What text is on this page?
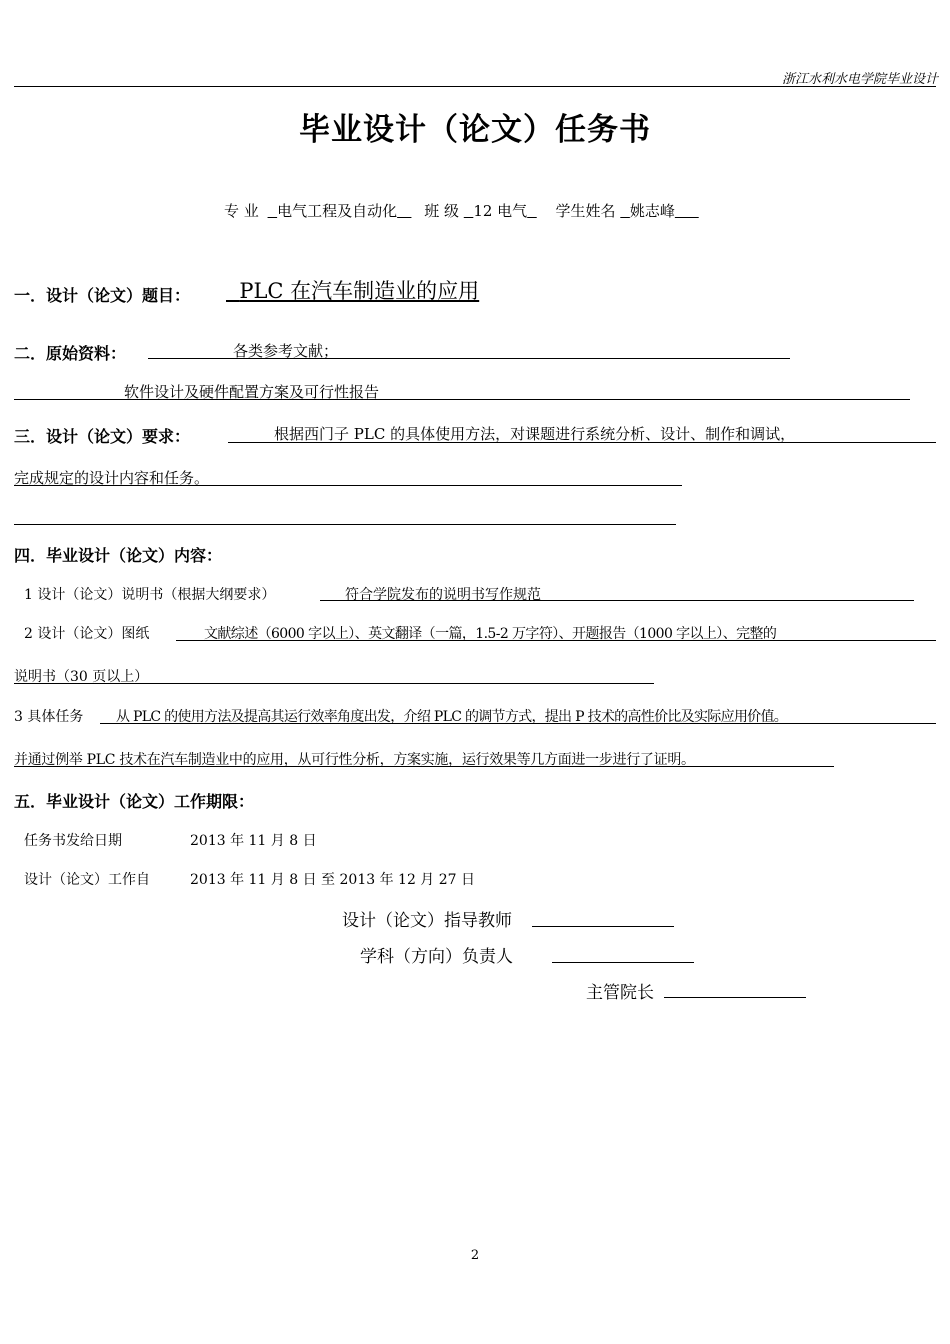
浙江水利水电学院毕业设计
毕业设计（论文）任务书
专 业 电气工程及自动化 班 级 12 电气 学生姓名 姚志峰
一．设计（论文）题目：	PLC 在汽车制造业的应用
二．原始资料：	各类参考文献；
软件设计及硬件配置方案及可行性报告
三．设计（论文）要求：	根据西门子 PLC 的具体使用方法，对课题进行系统分析、设计、制作和调试，
完成规定的设计内容和任务。
四．毕业设计（论文）内容：
1 设计（论文）说明书（根据大纲要求）	符合学院发布的说明书写作规范
2 设计（论文）图纸	文献综述（6000 字以上）、英文翻译（一篇，1.5-2 万字符）、开题报告（1000 字以上）、完整的
说明书（30 页以上）
3 具体任务 从 PLC 的使用方法及提高其运行效率角度出发，介绍 PLC 的调节方式，提出 P 技术的高性价比及实际应用价值。
并通过例举 PLC 技术在汽车制造业中的应用，从可行性分析，方案实施，运行效果等几方面进一步进行了证明。
五．毕业设计（论文）工作期限：
任务书发给日期	2013 年 11 月 8 日
设计（论文）工作自	2013 年 11 月 8 日 至 2013 年 12 月 27 日
设计（论文）指导教师
学科（方向）负责人
主管院长
2
